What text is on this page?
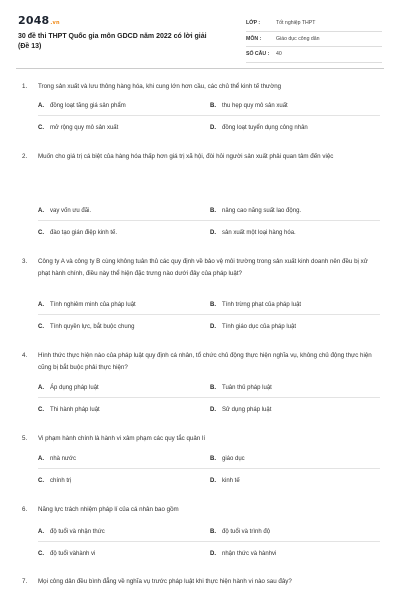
2048.vn
30 đề thi THPT Quốc gia môn GDCD năm 2022 có lời giải (Đề 13)
LỚP :	Tốt nghiệp THPT
MÔN :	Giáo dục công dân
SỐ CÂU : 40
1.	Trong sản xuất và lưu thông hàng hóa, khi cung lớn hơn cầu, các chủ thể kinh tế thường
A. đồng loạt tăng giá sản phẩm	B. thu hẹp quy mô sản xuất
C. mở rộng quy mô sản xuất	D. đồng loạt tuyển dụng công nhân
2.	Muốn cho giá trị cá biệt của hàng hóa thấp hơn giá trị xã hội, đòi hỏi người sản xuất phải quan tâm đến việc
A. vay vốn ưu đãi.	B. nâng cao năng suất lao động.
C. đào tạo gián điệp kinh tế.	D. sản xuất một loại hàng hóa.
3.	Công ty A và công ty B cùng không tuân thủ các quy định về bảo vệ môi trường trong sản xuất kinh doanh nên đều bị xử phạt hành chính, điều này thể hiện đặc trưng nào dưới đây của pháp luật?
A. Tính nghiêm minh của pháp luật	B. Tính trừng phạt của pháp luật
C. Tính quyền lực, bắt buộc chung	D. Tính giáo dục của pháp luật
4.	Hình thức thực hiện nào của pháp luật quy định cá nhân, tổ chức chủ động thực hiện nghĩa vụ, không chủ động thực hiện cũng bị bắt buộc phải thực hiện?
A. Áp dụng pháp luật	B. Tuân thủ pháp luật
C. Thi hành pháp luật	D. Sử dụng pháp luật
5.	Vi phạm hành chính là hành vi xâm phạm các quy tắc quản lí
A. nhà nước	B. giáo dục
C. chính trị	D. kinh tế
6.	Năng lực trách nhiệm pháp lí của cá nhân bao gồm
A. độ tuổi và nhận thức	B. độ tuổi và trình độ
C. độ tuổi vàhành vi	D. nhận thức và hànhvi
7.	Mọi công dân đều bình đẳng về nghĩa vụ trước pháp luật khi thực hiện hành vi nào sau đây?
